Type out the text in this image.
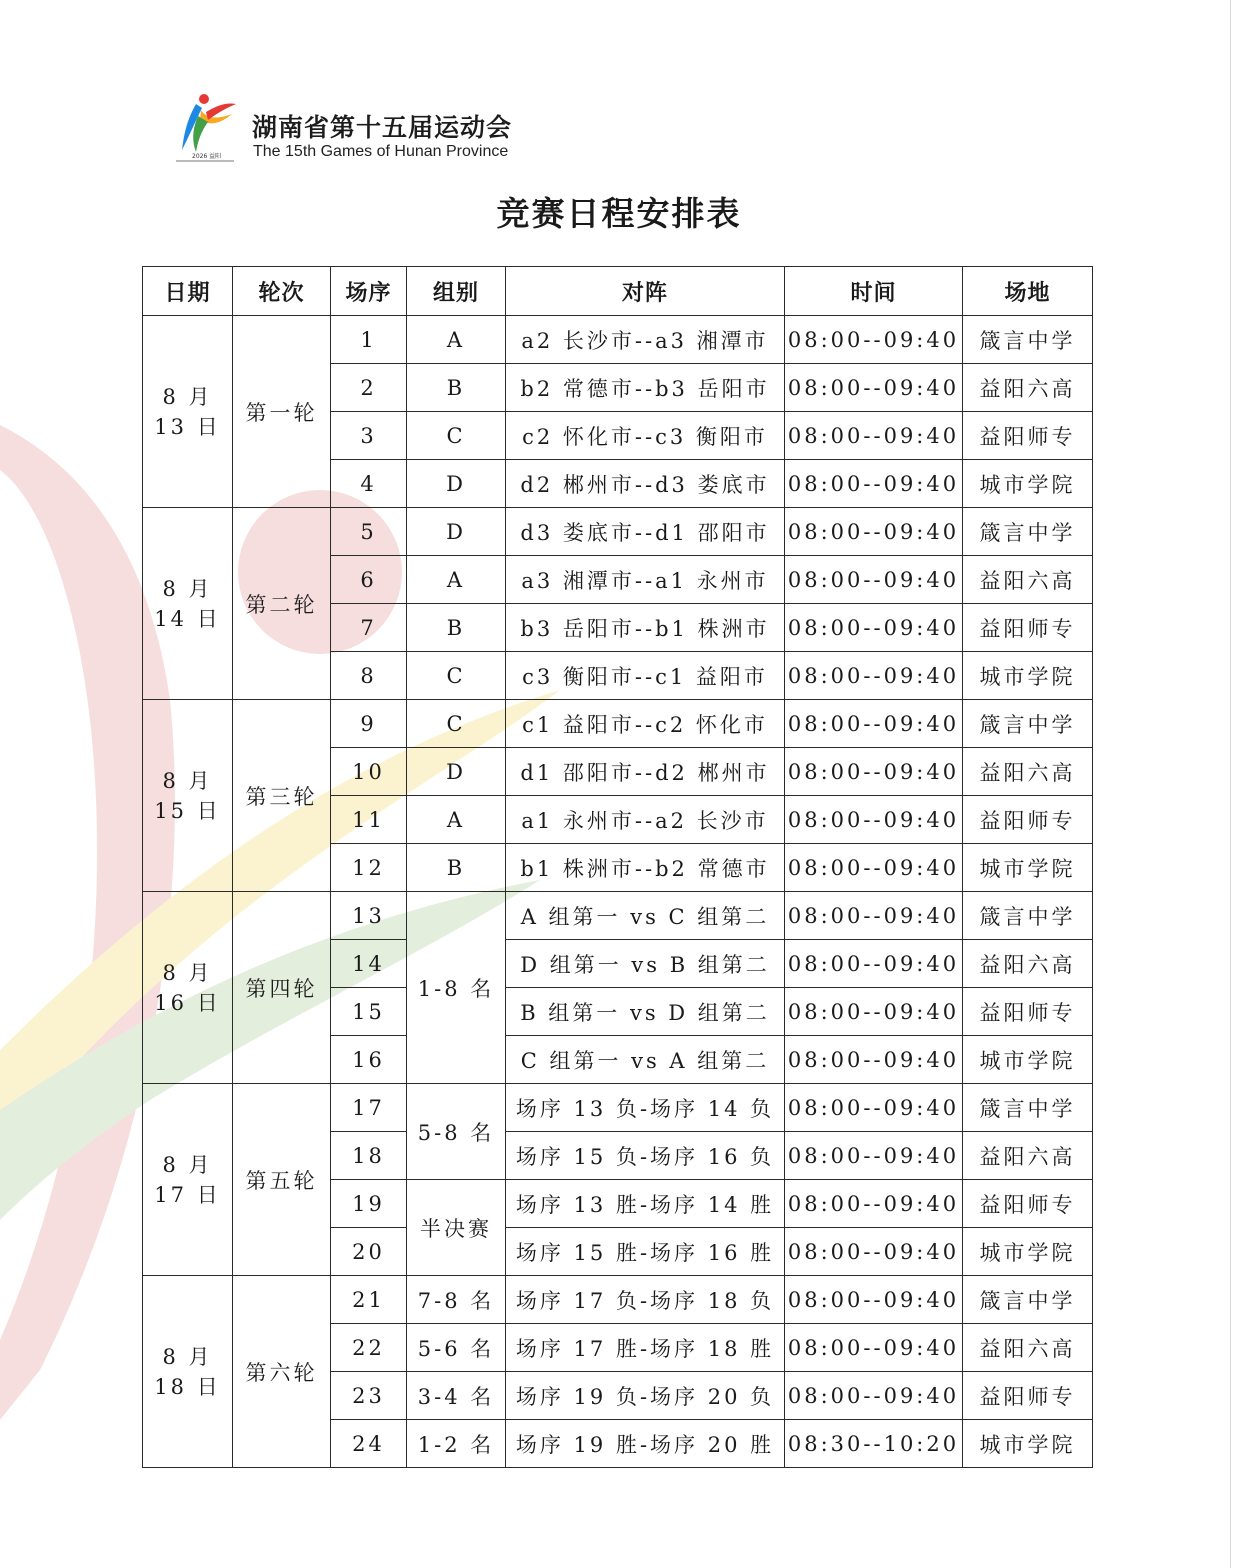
2026 益阳
湖南省第十五届运动会
The 15th Games of Hunan Province
竞赛日程安排表
日期	轮次	场序	组别	对阵	时间	场地

8 月
13 日	第一轮	1	A	a2 长沙市--a3 湘潭市	08:00--09:40	箴言中学
		2	B	b2 常德市--b3 岳阳市	08:00--09:40	益阳六高
		3	C	c2 怀化市--c3 衡阳市	08:00--09:40	益阳师专
		4	D	d2 郴州市--d3 娄底市	08:00--09:40	城市学院

8 月
14 日	第二轮	5	D	d3 娄底市--d1 邵阳市	08:00--09:40	箴言中学
		6	A	a3 湘潭市--a1 永州市	08:00--09:40	益阳六高
		7	B	b3 岳阳市--b1 株洲市	08:00--09:40	益阳师专
		8	C	c3 衡阳市--c1 益阳市	08:00--09:40	城市学院

8 月
15 日	第三轮	9	C	c1 益阳市--c2 怀化市	08:00--09:40	箴言中学
		10	D	d1 邵阳市--d2 郴州市	08:00--09:40	益阳六高
		11	A	a1 永州市--a2 长沙市	08:00--09:40	益阳师专
		12	B	b1 株洲市--b2 常德市	08:00--09:40	城市学院

8 月
16 日	第四轮	13	1-8 名	A 组第一 vs C 组第二	08:00--09:40	箴言中学
		14		D 组第一 vs B 组第二	08:00--09:40	益阳六高
		15		B 组第一 vs D 组第二	08:00--09:40	益阳师专
		16		C 组第一 vs A 组第二	08:00--09:40	城市学院

8 月
17 日	第五轮	17	5-8 名	场序 13 负-场序 14 负	08:00--09:40	箴言中学
		18		场序 15 负-场序 16 负	08:00--09:40	益阳六高
		19	半决赛	场序 13 胜-场序 14 胜	08:00--09:40	益阳师专
		20		场序 15 胜-场序 16 胜	08:00--09:40	城市学院

8 月
18 日	第六轮	21	7-8 名	场序 17 负-场序 18 负	08:00--09:40	箴言中学
		22	5-6 名	场序 17 胜-场序 18 胜	08:00--09:40	益阳六高
		23	3-4 名	场序 19 负-场序 20 负	08:00--09:40	益阳师专
		24	1-2 名	场序 19 胜-场序 20 胜	08:30--10:20	城市学院
